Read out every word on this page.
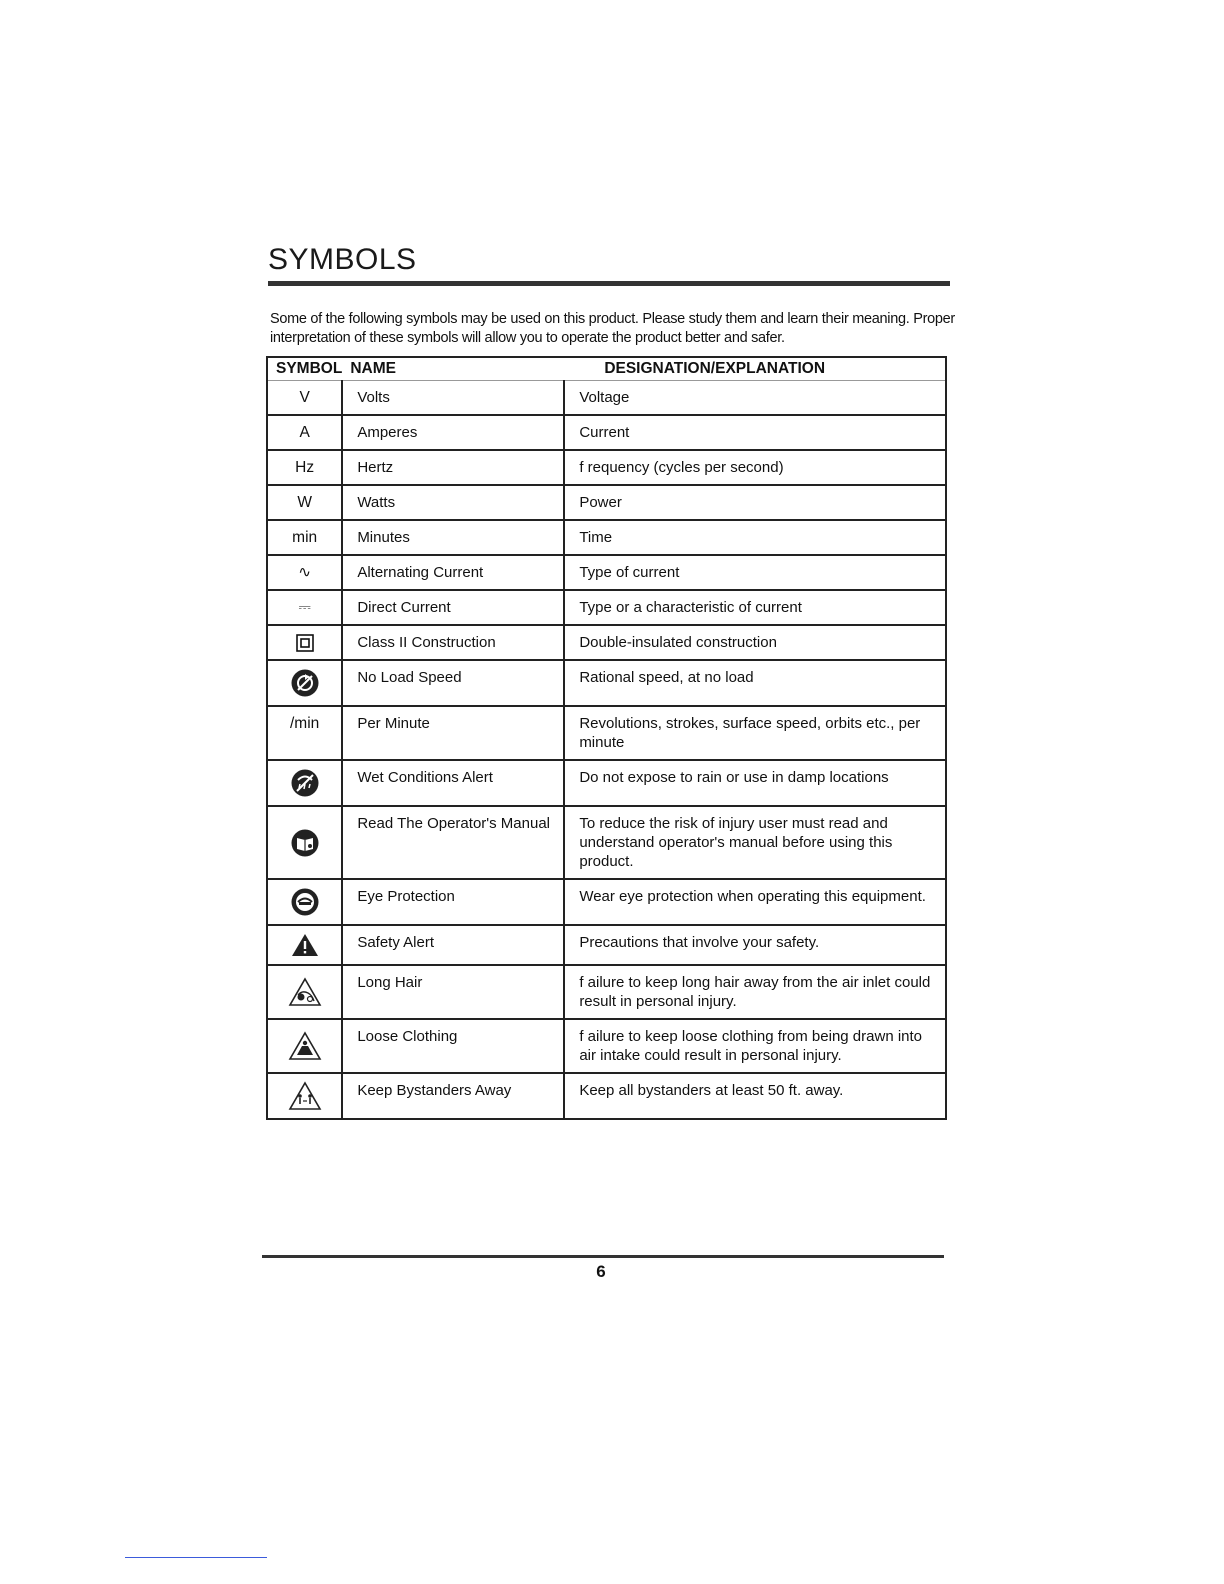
SYMBOLS
Some of the following symbols may be used on this product. Please study them and learn their meaning. Proper interpretation of these symbols will allow you to operate the product better and safer.
SYMBOL	NAME	DESIGNATION/EXPLANATION
V	Volts	Voltage
A	Amperes	Current
Hz	Hertz	f requency (cycles per second)
W	Watts	Power
min	Minutes	Time
∿	Alternating Current	Type of current
⎓	Direct Current	Type or a characteristic of current

	Class II Construction	Double-insulated construction

	No Load Speed	Rational speed, at no load
/min	Per Minute	Revolutions, strokes, surface speed, orbits etc., per minute

	Wet Conditions Alert	Do not expose to rain or use in damp locations

	Read The Operator's Manual	To reduce the risk of injury user must read and understand operator's manual before using this product.

	Eye Protection	Wear eye protection when operating this equipment.

	Safety Alert	Precautions that involve your safety.

	Long Hair	f ailure to keep long hair away from the air inlet could result in personal injury.

	Loose Clothing	f ailure to keep loose clothing from being drawn into air intake could result in personal injury.

	Keep Bystanders Away	Keep all bystanders at least 50 ft. away.
6
